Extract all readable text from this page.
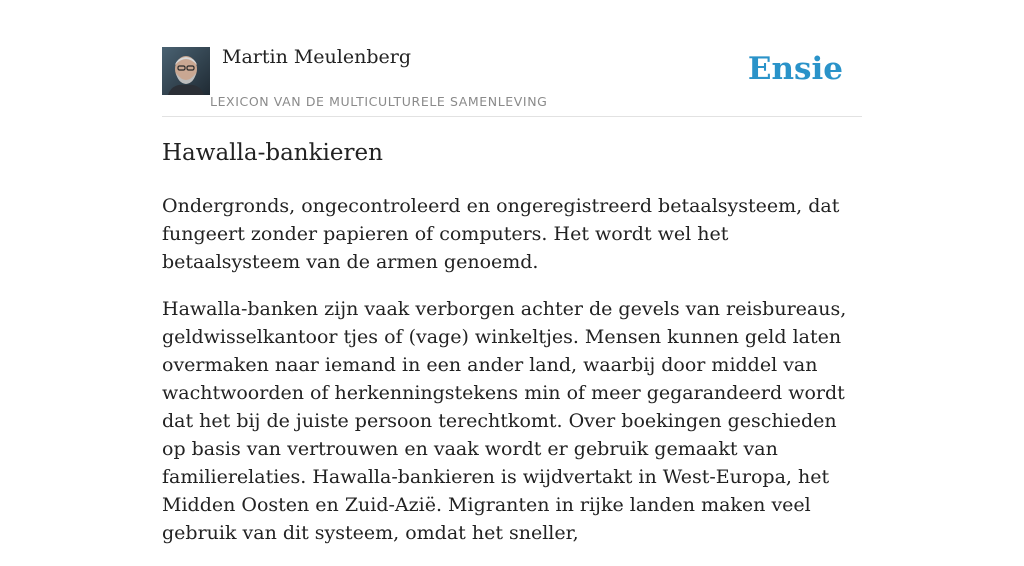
Martin Meulenberg
LEXICON VAN DE MULTICULTURELE SAMENLEVING
Ensie
Hawalla-bankieren

Ondergronds, ongecontroleerd en ongeregistreerd betaalsysteem, dat fungeert zonder papieren of computers. Het wordt wel het betaalsysteem van de armen genoemd.

Hawalla-banken zijn vaak verborgen achter de gevels van reisbureaus, geldwisselkantoor tjes of (vage) winkeltjes. Mensen kunnen geld laten overmaken naar iemand in een ander land, waarbij door middel van wachtwoorden of herkenningstekens min of meer gegarandeerd wordt dat het bij de juiste persoon terechtkomt. Over boekingen geschieden op basis van vertrouwen en vaak wordt er gebruik gemaakt van familierelaties. Hawalla-bankieren is wijdvertakt in West-Europa, het Midden Oosten en Zuid-Azië. Migranten in rijke landen maken veel gebruik van dit systeem, omdat het sneller,
